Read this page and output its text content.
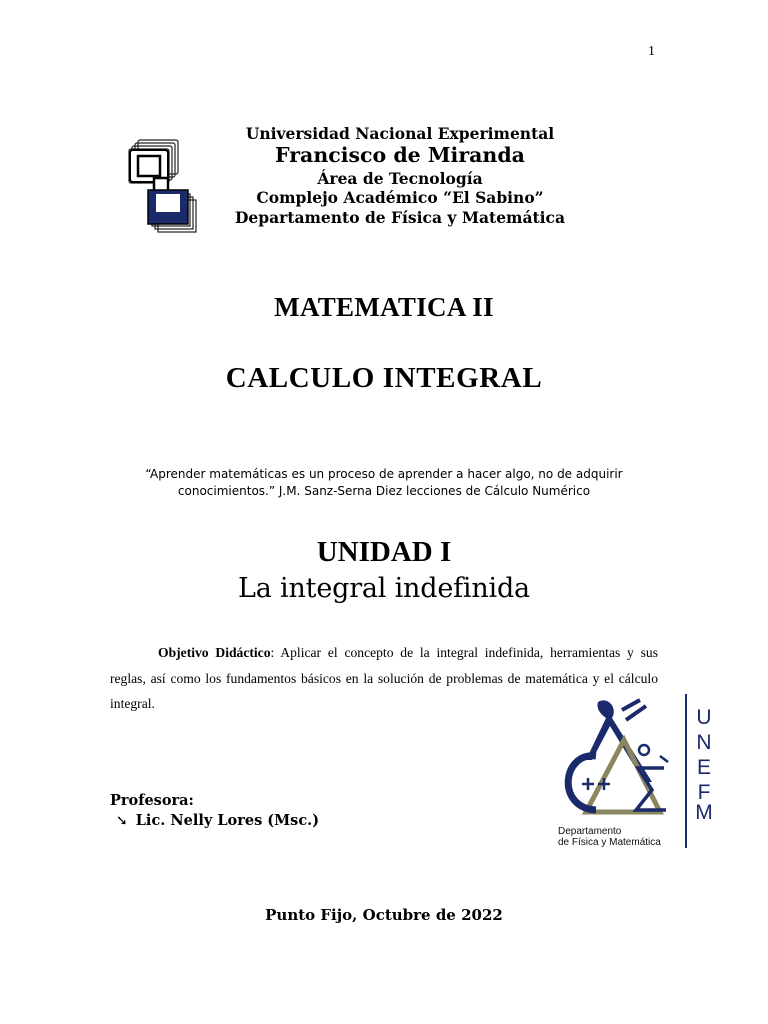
1
Universidad Nacional Experimental
Francisco de Miranda
Área de Tecnología
Complejo Académico “El Sabino”
Departamento de Física y Matemática
MATEMATICA II
CALCULO INTEGRAL
“Aprender matemáticas es un proceso de aprender a hacer algo, no de adquirir conocimientos.” J.M. Sanz-Serna Diez lecciones de Cálculo Numérico
UNIDAD I
La integral indefinida
Objetivo Didáctico: Aplicar el concepto de la integral indefinida, herramientas y sus reglas, así como los fundamentos básicos en la solución de problemas de matemática y el cálculo integral.
Profesora:
➘ Lic. Nelly Lores (Msc.)
U
N
E
F
M
Departamento
de Física y Matemática
Punto Fijo, Octubre de 2022
